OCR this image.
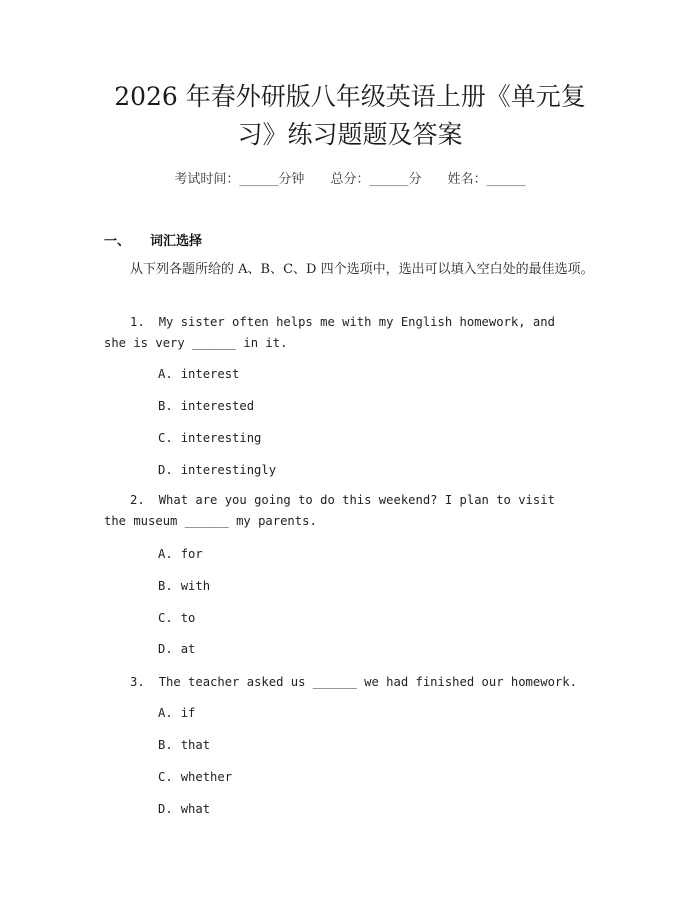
2026 年春外研版八年级英语上册《单元复
习》练习题题及答案
考试时间：______分钟 总分：______分 姓名：______
一、 词汇选择
从下列各题所给的 A、B、C、D 四个选项中，选出可以填入空白处的最佳选项。
1. My sister often helps me with my English homework, and she is very ______ in it.
A. interest
B. interested
C. interesting
D. interestingly
2. What are you going to do this weekend? I plan to visit the museum ______ my parents.
A. for
B. with
C. to
D. at
3. The teacher asked us ______ we had finished our homework.
A. if
B. that
C. whether
D. what
